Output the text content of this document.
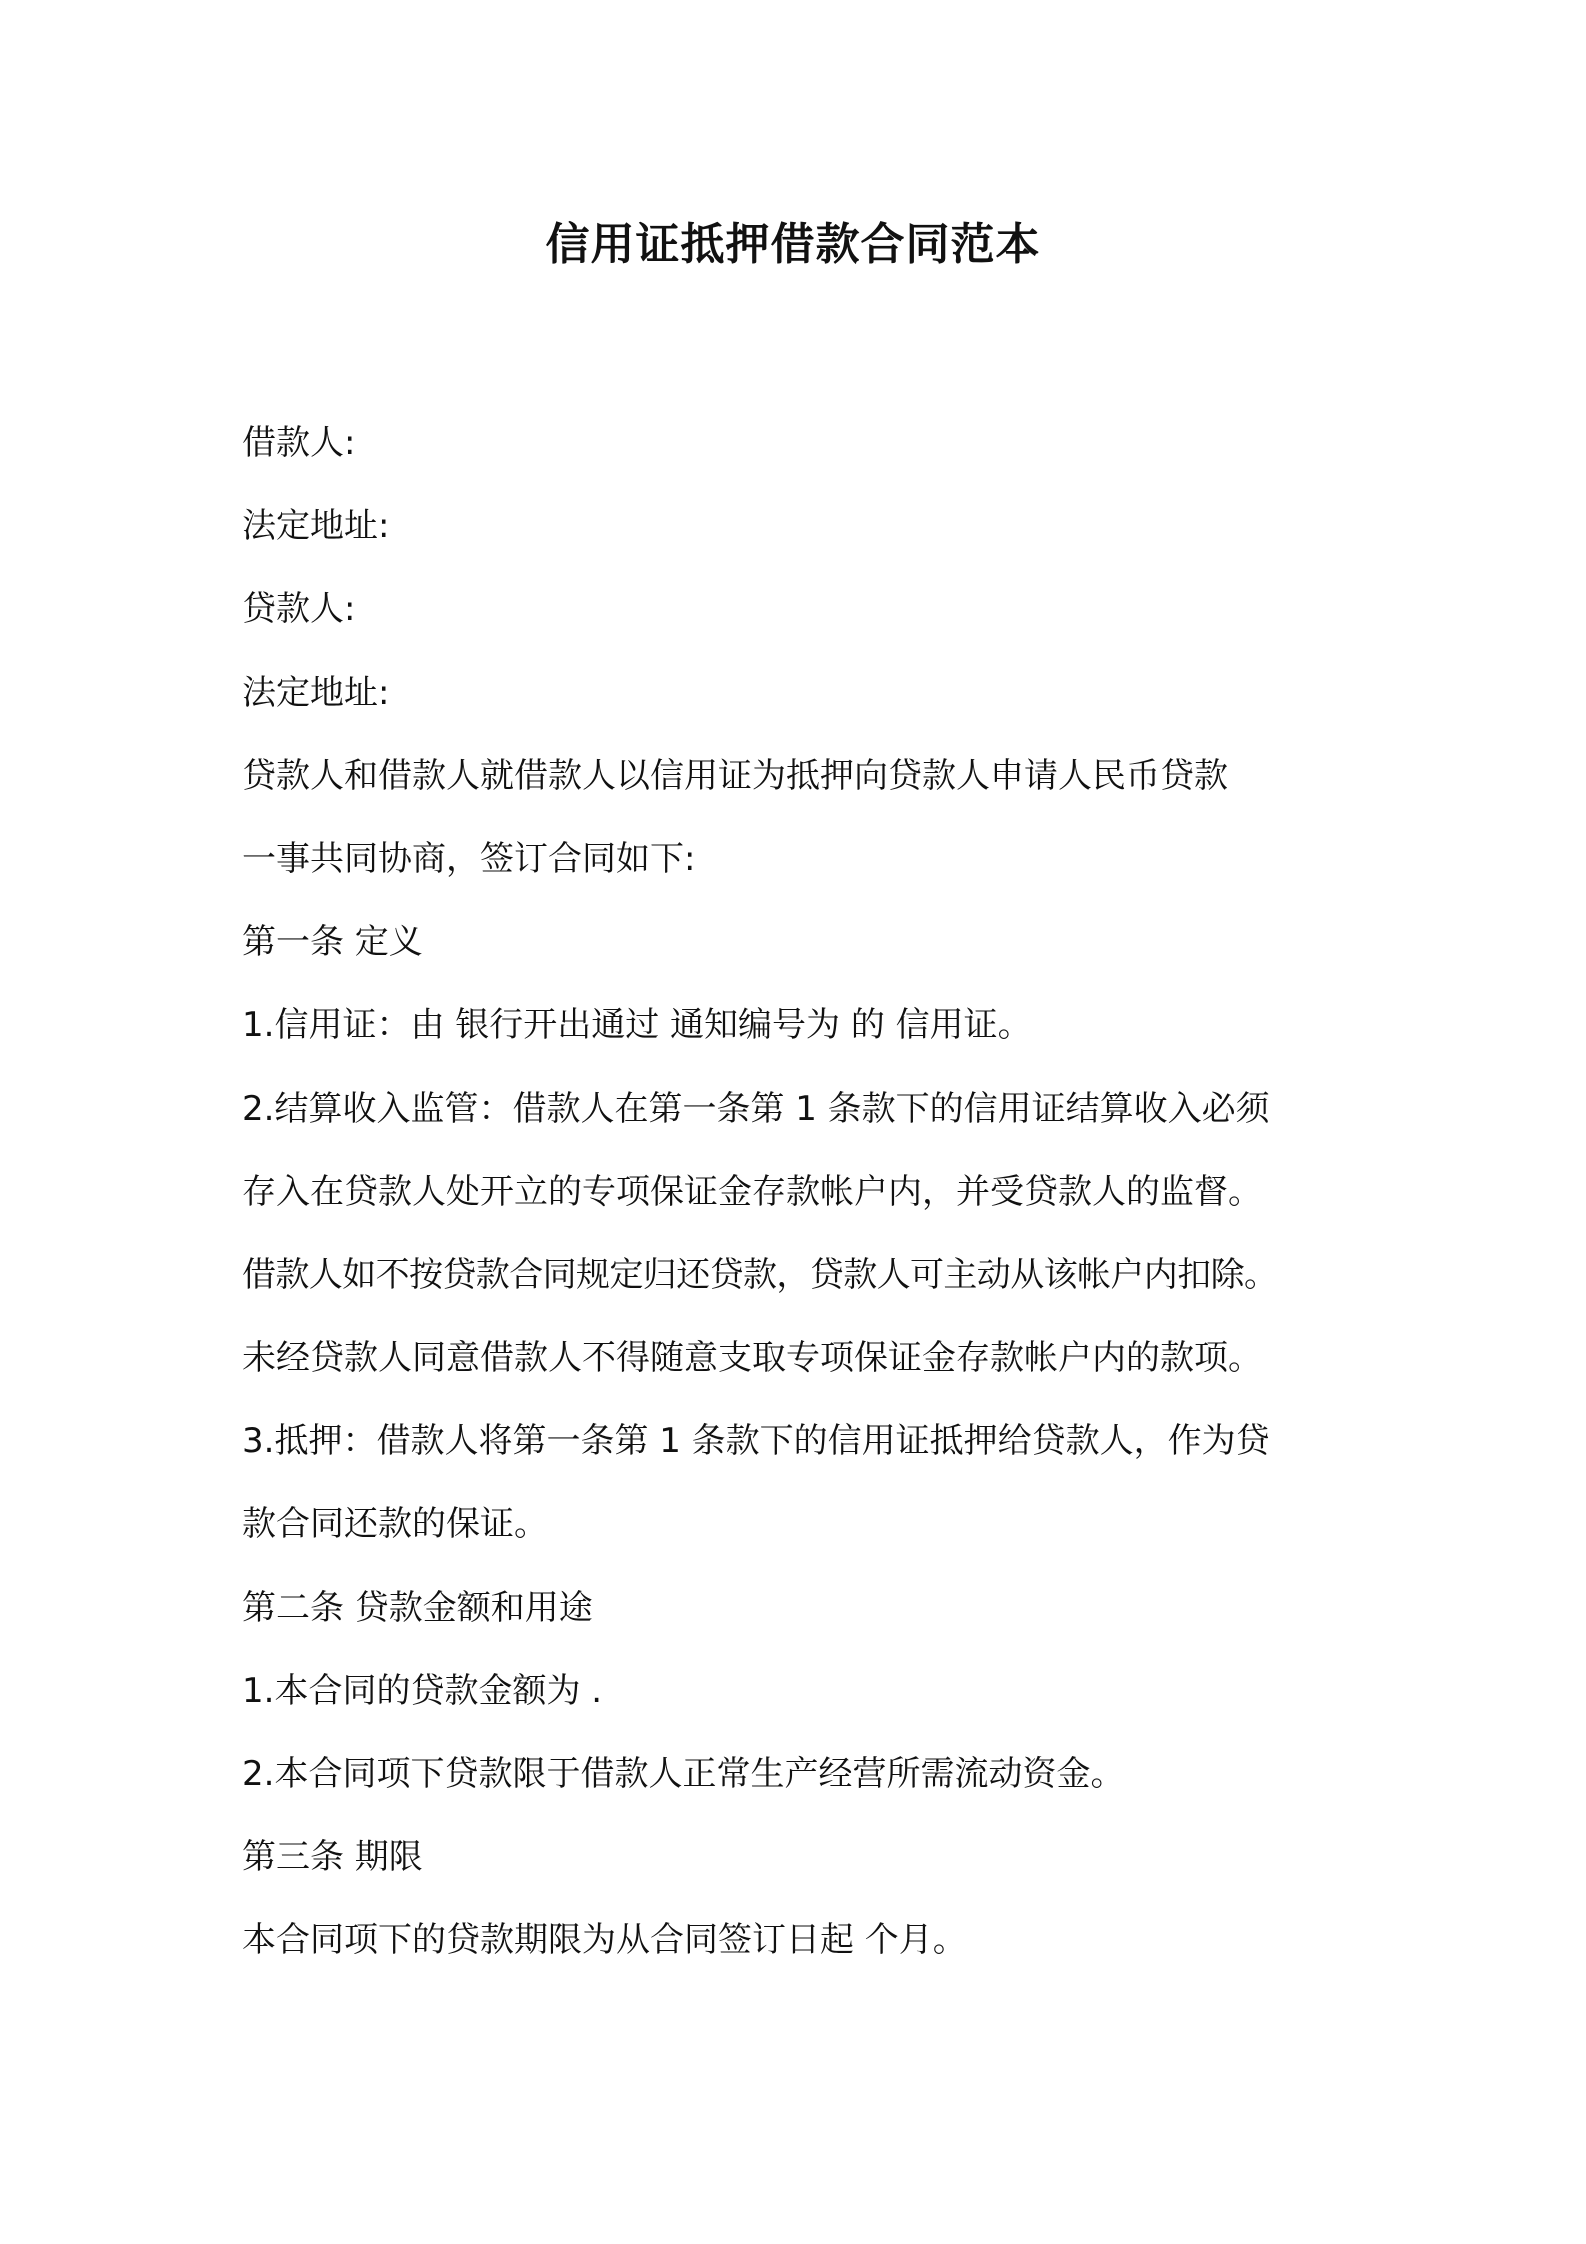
信用证抵押借款合同范本
借款人:
法定地址:
贷款人:
法定地址:
贷款人和借款人就借款人以信用证为抵押向贷款人申请人民币贷款
一事共同协商，签订合同如下:
第一条 定义
1.信用证：由 银行开出通过 通知编号为 的 信用证。
2.结算收入监管：借款人在第一条第 1 条款下的信用证结算收入必须
存入在贷款人处开立的专项保证金存款帐户内，并受贷款人的监督。
借款人如不按贷款合同规定归还贷款，贷款人可主动从该帐户内扣除。
未经贷款人同意借款人不得随意支取专项保证金存款帐户内的款项。
3.抵押：借款人将第一条第 1 条款下的信用证抵押给贷款人，作为贷
款合同还款的保证。
第二条 贷款金额和用途
1.本合同的贷款金额为 .
2.本合同项下贷款限于借款人正常生产经营所需流动资金。
第三条 期限
本合同项下的贷款期限为从合同签订日起 个月。
